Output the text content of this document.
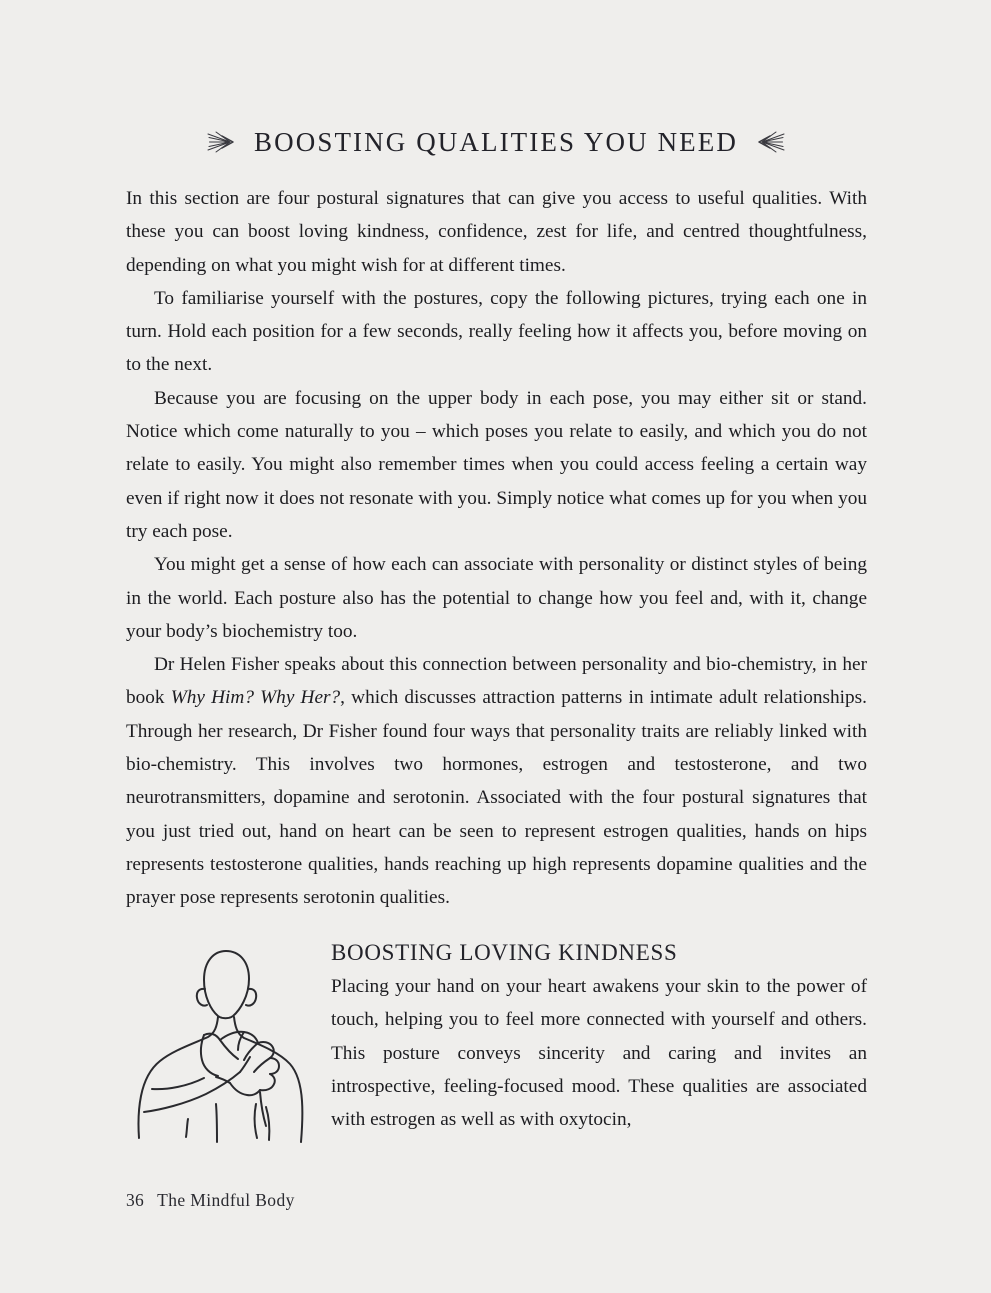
BOOSTING QUALITIES YOU NEED

In this section are four postural signatures that can give you access to useful qualities. With these you can boost loving kindness, confidence, zest for life, and centred thoughtfulness, depending on what you might wish for at different times.

To familiarise yourself with the postures, copy the following pictures, trying each one in turn. Hold each position for a few seconds, really feeling how it affects you, before moving on to the next.

Because you are focusing on the upper body in each pose, you may either sit or stand. Notice which come naturally to you – which poses you relate to easily, and which you do not relate to easily. You might also remember times when you could access feeling a certain way even if right now it does not resonate with you. Simply notice what comes up for you when you try each pose.

You might get a sense of how each can associate with personality or distinct styles of being in the world. Each posture also has the potential to change how you feel and, with it, change your body’s biochemistry too.

Dr Helen Fisher speaks about this connection between personality and bio-chemistry, in her book Why Him? Why Her?, which discusses attraction patterns in intimate adult relationships. Through her research, Dr Fisher found four ways that personality traits are reliably linked with bio-chemistry. This involves two hormones, estrogen and testosterone, and two neurotransmitters, dopamine and serotonin. Associated with the four postural signatures that you just tried out, hand on heart can be seen to represent estrogen qualities, hands on hips represents testosterone qualities, hands reaching up high represents dopamine qualities and the prayer pose represents serotonin qualities.

BOOSTING LOVING KINDNESS

Placing your hand on your heart awakens your skin to the power of touch, helping you to feel more connected with yourself and others. This posture conveys sincerity and caring and invites an introspective, feeling-focused mood. These qualities are associated with estrogen as well as with oxytocin,

36 The Mindful Body
